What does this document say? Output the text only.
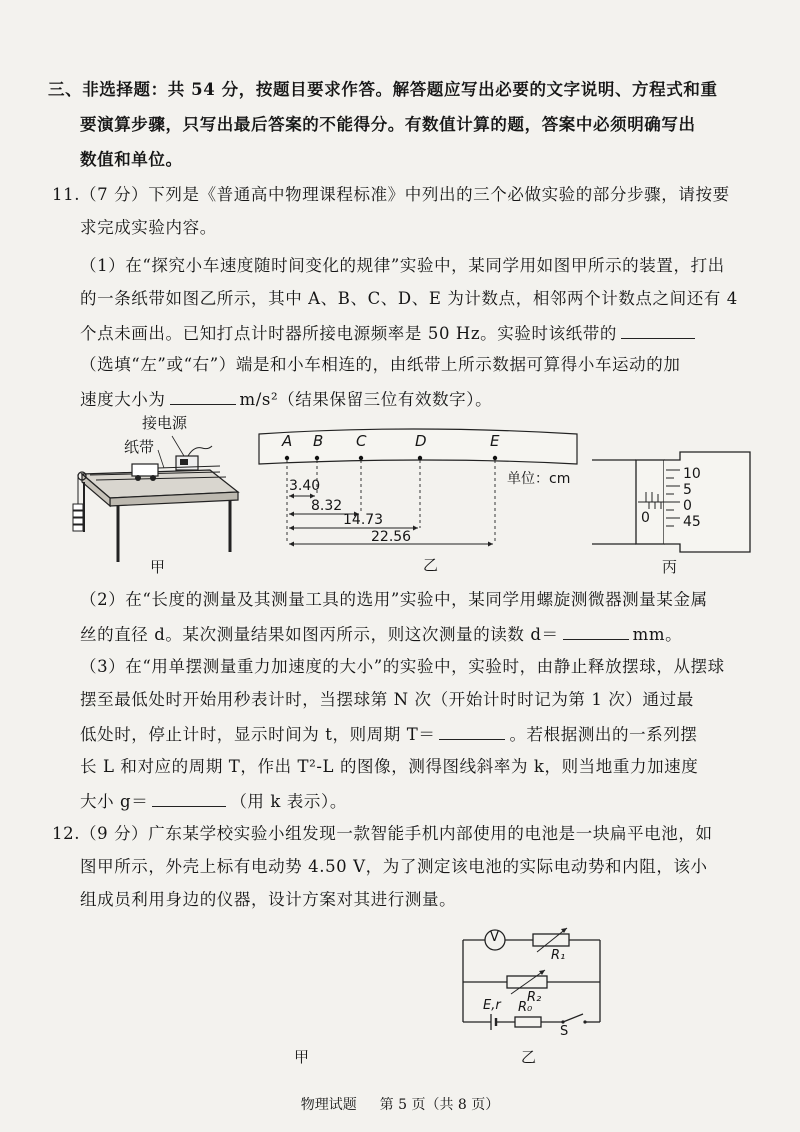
三、非选择题：共 54 分，按题目要求作答。解答题应写出必要的文字说明、方程式和重
要演算步骤，只写出最后答案的不能得分。有数值计算的题，答案中必须明确写出
数值和单位。
11.（7 分）下列是《普通高中物理课程标准》中列出的三个必做实验的部分步骤，请按要
求完成实验内容。
（1）在“探究小车速度随时间变化的规律”实验中，某同学用如图甲所示的装置，打出
的一条纸带如图乙所示，其中 A、B、C、D、E 为计数点，相邻两个计数点之间还有 4
个点未画出。已知打点计时器所接电源频率是 50 Hz。实验时该纸带的
（选填“左”或“右”）端是和小车相连的，由纸带上所示数据可算得小车运动的加
速度大小为	m/s²（结果保留三位有效数字）。
接电源
纸带
甲
A B C	D	E
3.40
8.32
14.73
22.56
单位：cm
乙
10
5
0
45
0
丙
（2）在“长度的测量及其测量工具的选用”实验中，某同学用螺旋测微器测量某金属
丝的直径 d。某次测量结果如图丙所示，则这次测量的读数 d＝	mm。
（3）在“用单摆测量重力加速度的大小”的实验中，实验时，由静止释放摆球，从摆球
摆至最低处时开始用秒表计时，当摆球第 N 次（开始计时时记为第 1 次）通过最
低处时，停止计时，显示时间为 t，则周期 T＝	。若根据测出的一系列摆
长 L 和对应的周期 T，作出 T²-L 的图像，测得图线斜率为 k，则当地重力加速度
大小 g＝	（用 k 表示）。
12.（9 分）广东某学校实验小组发现一款智能手机内部使用的电池是一块扁平电池，如
图甲所示，外壳上标有电动势 4.50 V，为了测定该电池的实际电动势和内阻，该小
组成员利用身边的仪器，设计方案对其进行测量。
V
R₁
R₂
E,r R₀
S
甲	乙
物理试题 第 5 页（共 8 页）
